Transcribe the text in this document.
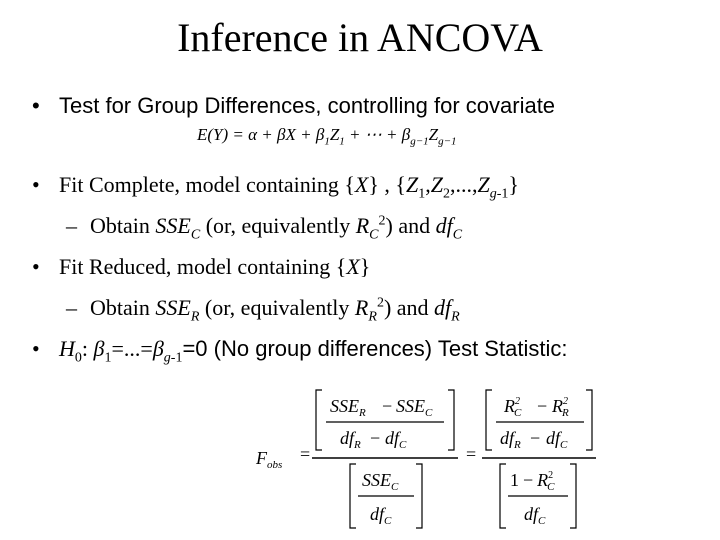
Inference in ANCOVA
• Test for Group Differences, controlling for covariate
$E(Y) = \alpha + \beta X + \beta_1Z_1$ + ⋯ + $\beta_{g-1}Z_{g-1}$
• Fit Complete, model containing {X} , $\{Z_1,Z_2,...,Z_{g-1}\}$
– Obtain $SSE_C$ (or, equivalently $R_C^2$) and $df_C$
• Fit Reduced, model containing {X}
– Obtain $SSE_R$ (or, equivalently $R_R^2$) and $df_R$
• $H_0$: $\beta_1=...=\beta_{g-1}=0$ (No group differences) Test Statistic:
$F_{obs}$
=
$SSE_R - SSE_C$
$df_R - df_C$
$SSE_C$
$df_C$
=
$R^2$ $C - R^2$ R
$df_R - df_C$
$1 - R^2$ C
$df_C$
